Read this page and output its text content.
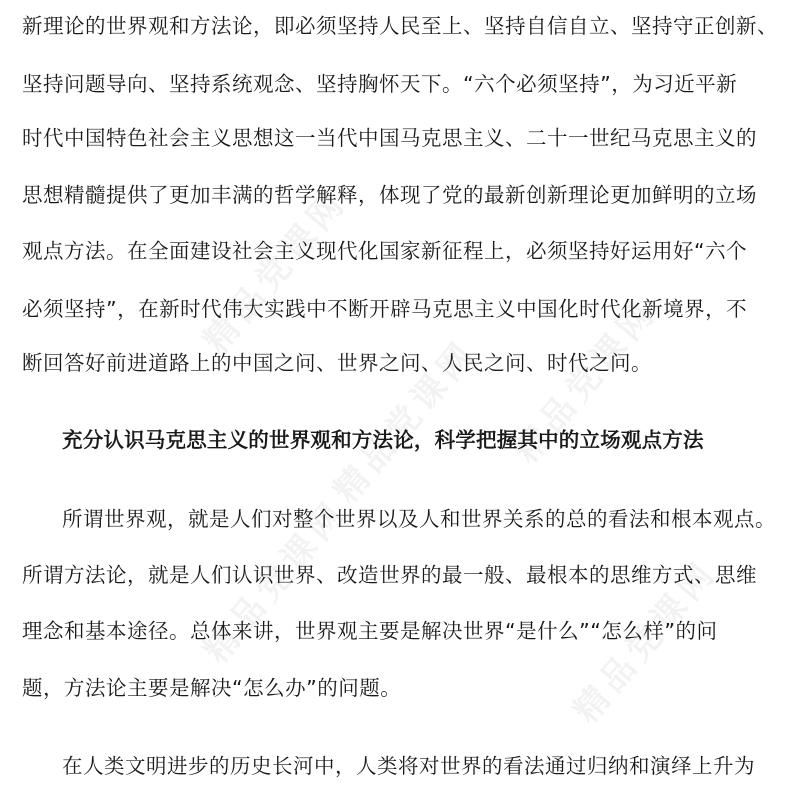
精品党课网
精品党课网 精品党课网
精品党课网	精品党课网
新理论的世界观和方法论，即必须坚持人民至上、坚持自信自立、坚持守正创新、
坚持问题导向、坚持系统观念、坚持胸怀天下。“六个必须坚持”，为习近平新
时代中国特色社会主义思想这一当代中国马克思主义、二十一世纪马克思主义的
思想精髓提供了更加丰满的哲学解释，体现了党的最新创新理论更加鲜明的立场
观点方法。在全面建设社会主义现代化国家新征程上，必须坚持好运用好“六个
必须坚持”，在新时代伟大实践中不断开辟马克思主义中国化时代化新境界，不
断回答好前进道路上的中国之问、世界之问、人民之问、时代之问。
充分认识马克思主义的世界观和方法论，科学把握其中的立场观点方法
所谓世界观，就是人们对整个世界以及人和世界关系的总的看法和根本观点。
所谓方法论，就是人们认识世界、改造世界的最一般、最根本的思维方式、思维
理念和基本途径。总体来讲，世界观主要是解决世界“是什么”“怎么样”的问
题，方法论主要是解决“怎么办”的问题。
在人类文明进步的历史长河中，人类将对世界的看法通过归纳和演绎上升为
